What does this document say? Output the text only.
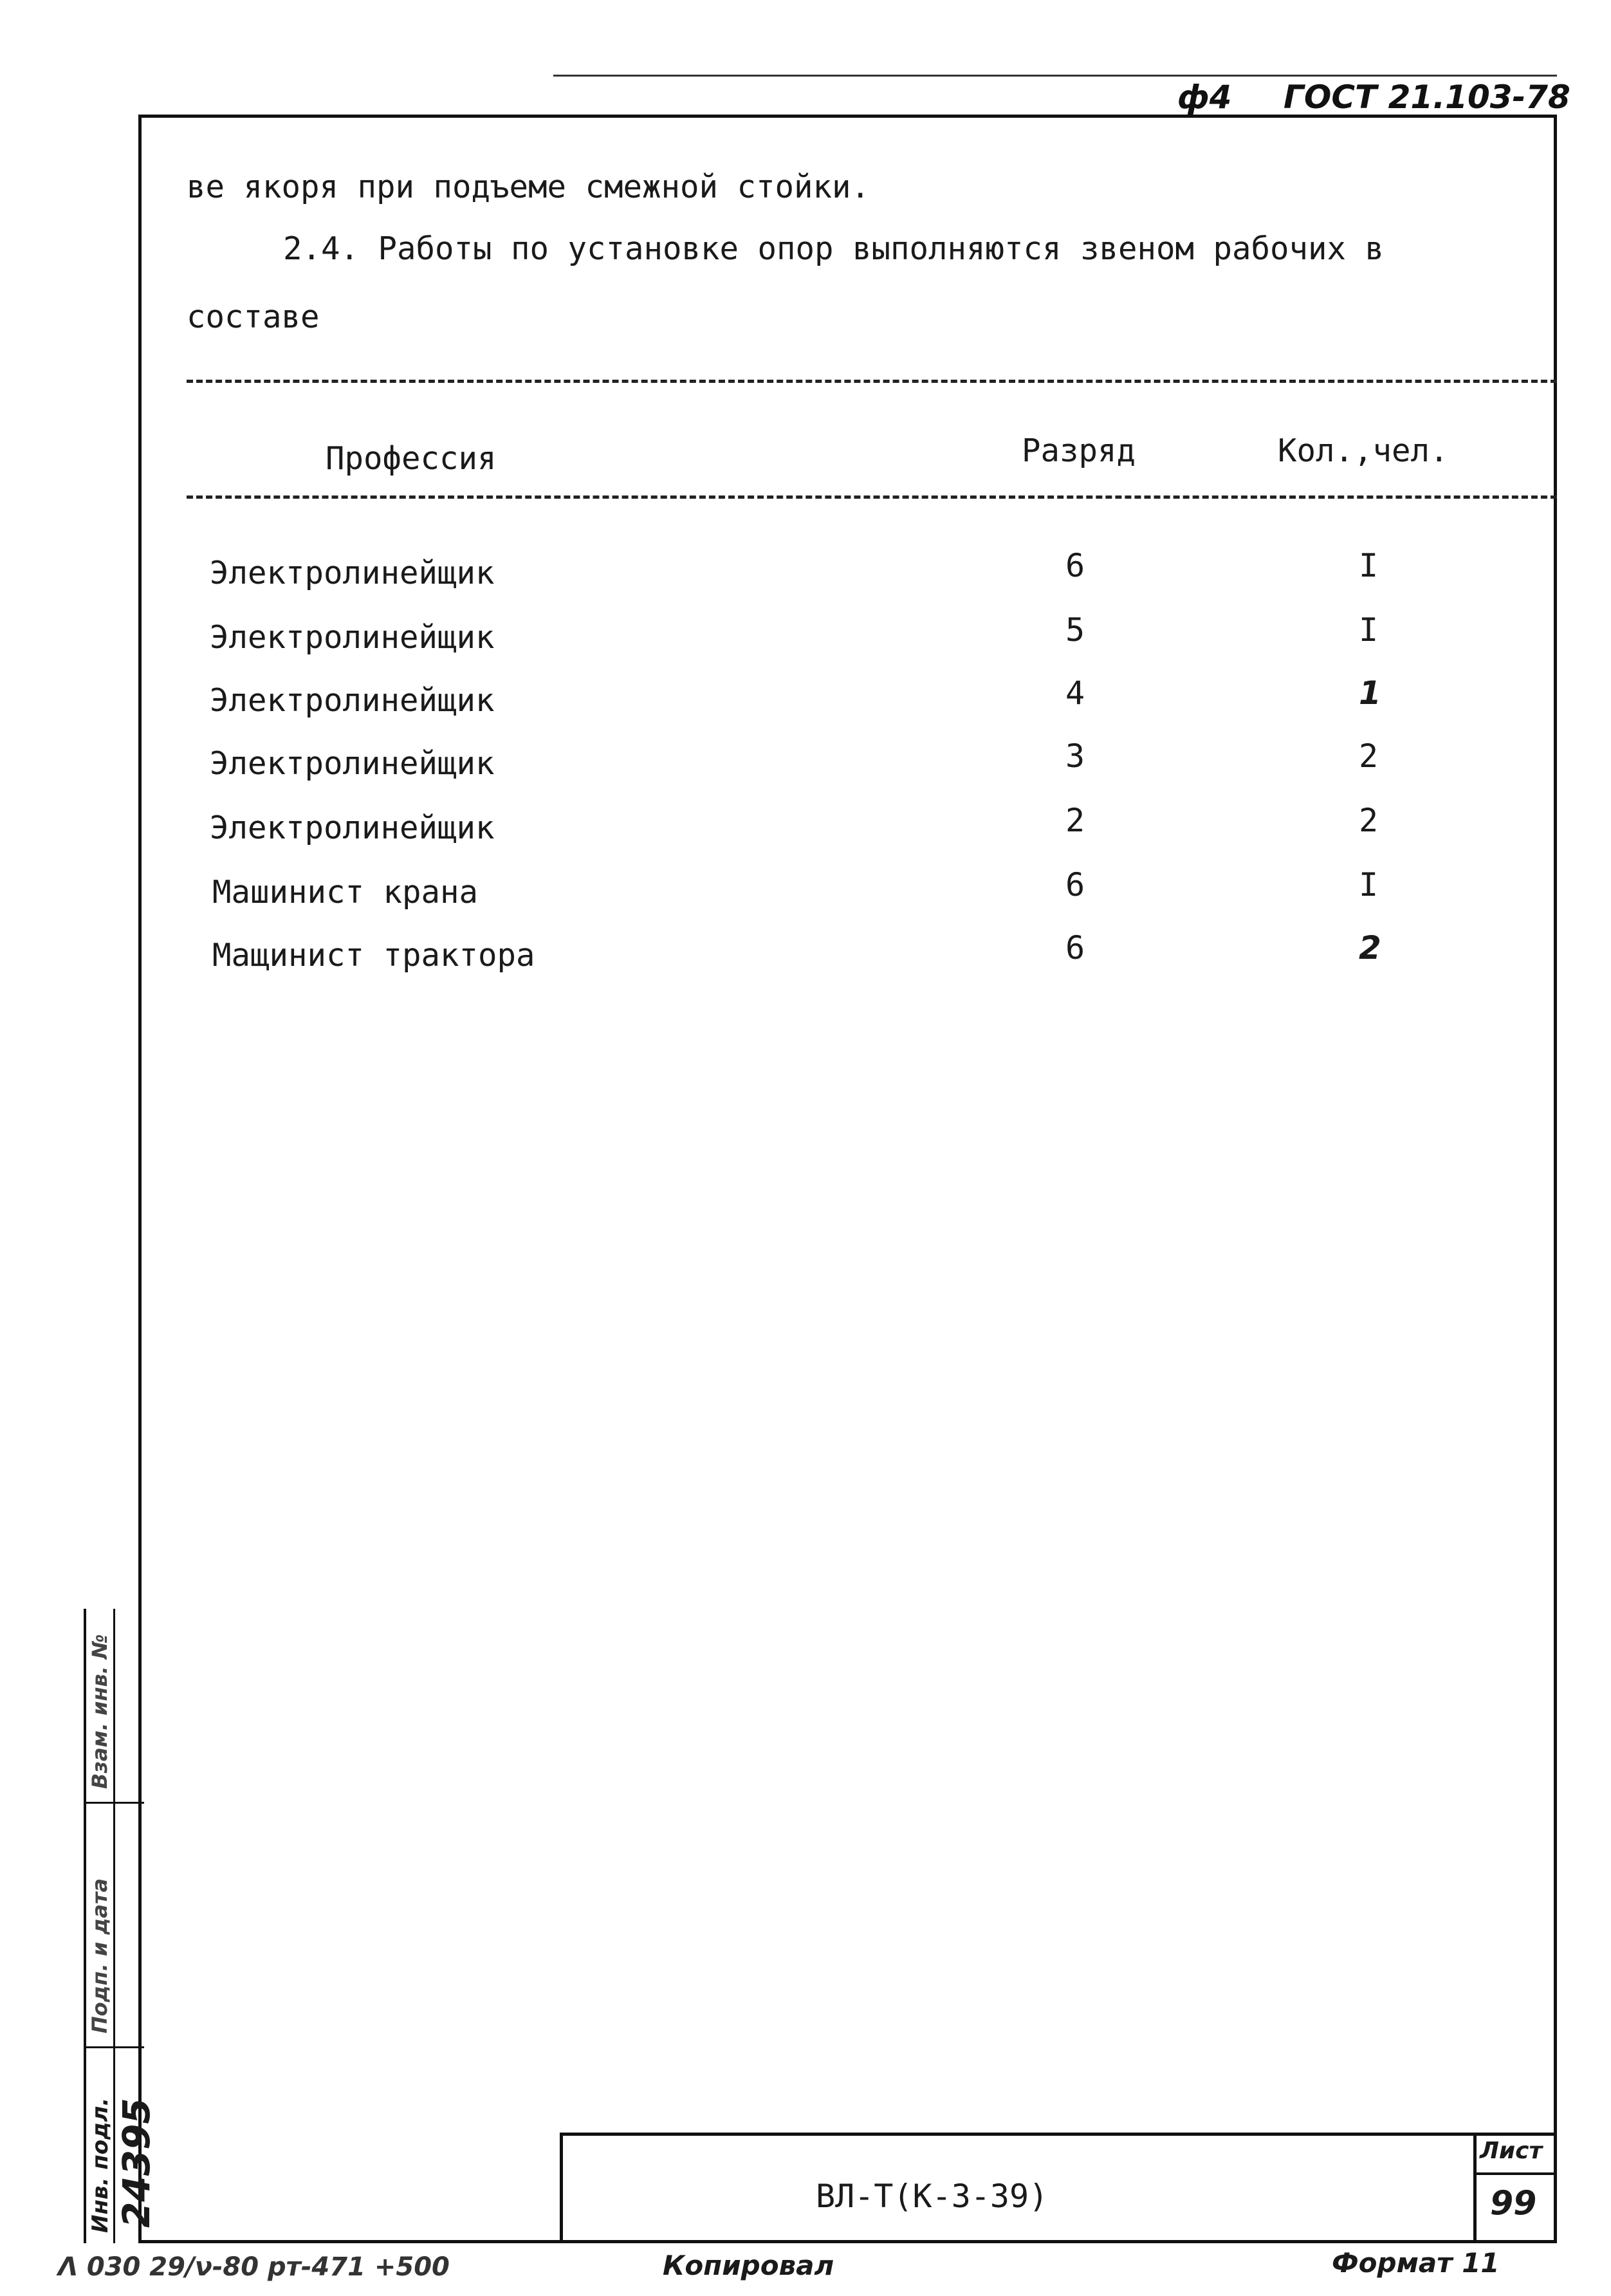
ф4 ГОСТ 21.103-78
ве якоря при подъеме смежной стойки.
2.4. Работы по установке опор выполняются звеном рабочих в
составе
Профессия	Разряд	Кол.,чел.
Электролинейщик	6	I
Электролинейщик	5	I
Электролинейщик	4	1
Электролинейщик	3	2
Электролинейщик	2	2
Машинист крана	6	I
Мащинист трактора	6	2
Инв. подл. 24395
Подп. и дата
Взам. инв. №
ВЛ-Т(К-3-39)
Лист
99
Λ 030 29/ν-80 рт-471 +500	Копировал	Формат 11
